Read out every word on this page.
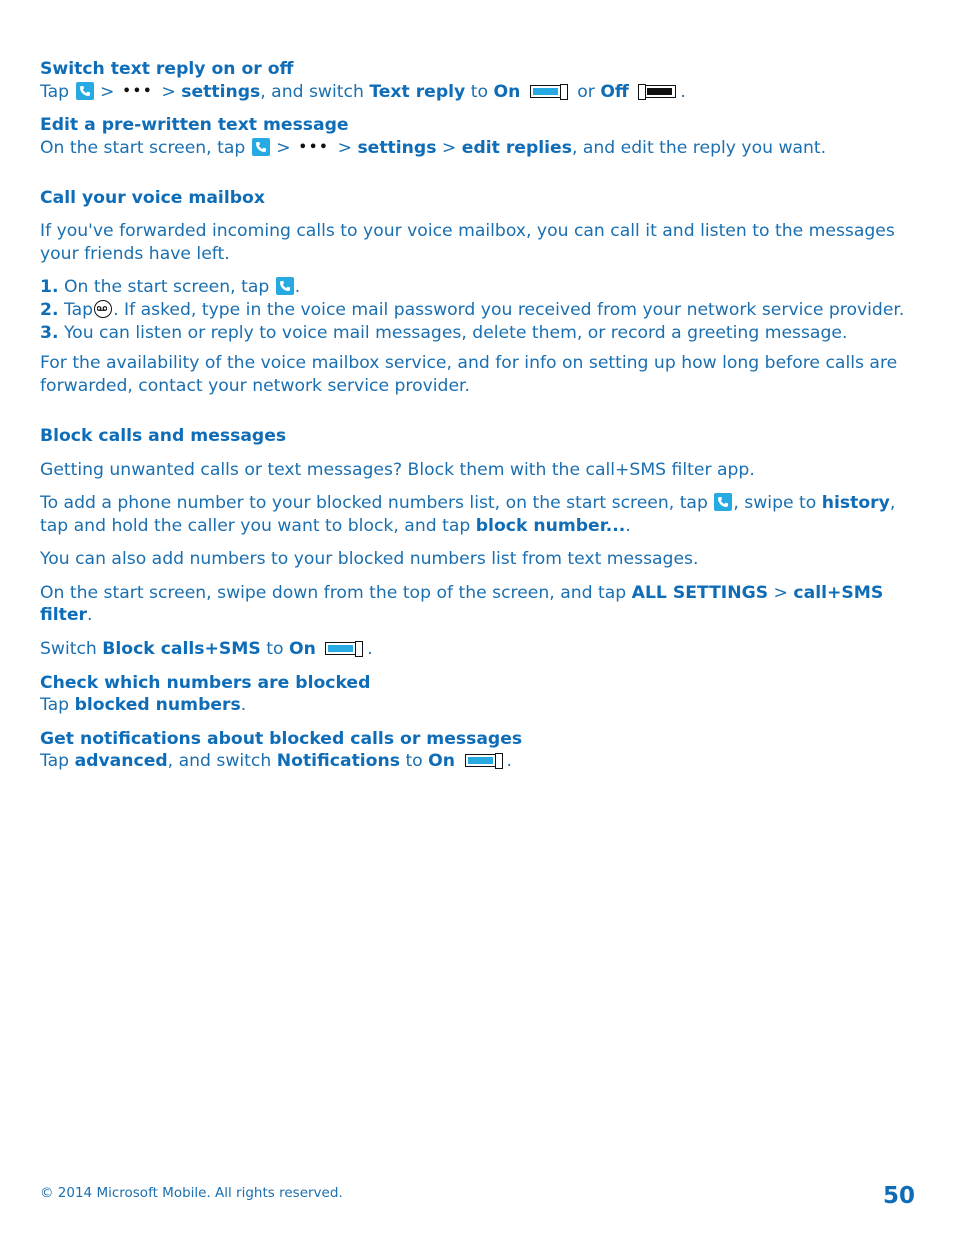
Switch text reply on or off
Tap > ••• > settings, and switch Text reply to On	or Off	.
Edit a pre-written text message
On the start screen, tap > ••• > settings > edit replies, and edit the reply you want.
Call your voice mailbox
If you've forwarded incoming calls to your voice mailbox, you can call it and listen to the messages
your friends have left.
1. On the start screen, tap .
2. Tap . If asked, type in the voice mail password you received from your network service provider.
3. You can listen or reply to voice mail messages, delete them, or record a greeting message.
For the availability of the voice mailbox service, and for info on setting up how long before calls are
forwarded, contact your network service provider.
Block calls and messages
Getting unwanted calls or text messages? Block them with the call+SMS filter app.
To add a phone number to your blocked numbers list, on the start screen, tap , swipe to history,
tap and hold the caller you want to block, and tap block number....
You can also add numbers to your blocked numbers list from text messages.
On the start screen, swipe down from the top of the screen, and tap ALL SETTINGS > call+SMS
filter.
Switch Block calls+SMS to On	.
Check which numbers are blocked
Tap blocked numbers.
Get notifications about blocked calls or messages
Tap advanced, and switch Notifications to On	.
© 2014 Microsoft Mobile. All rights reserved.	50
